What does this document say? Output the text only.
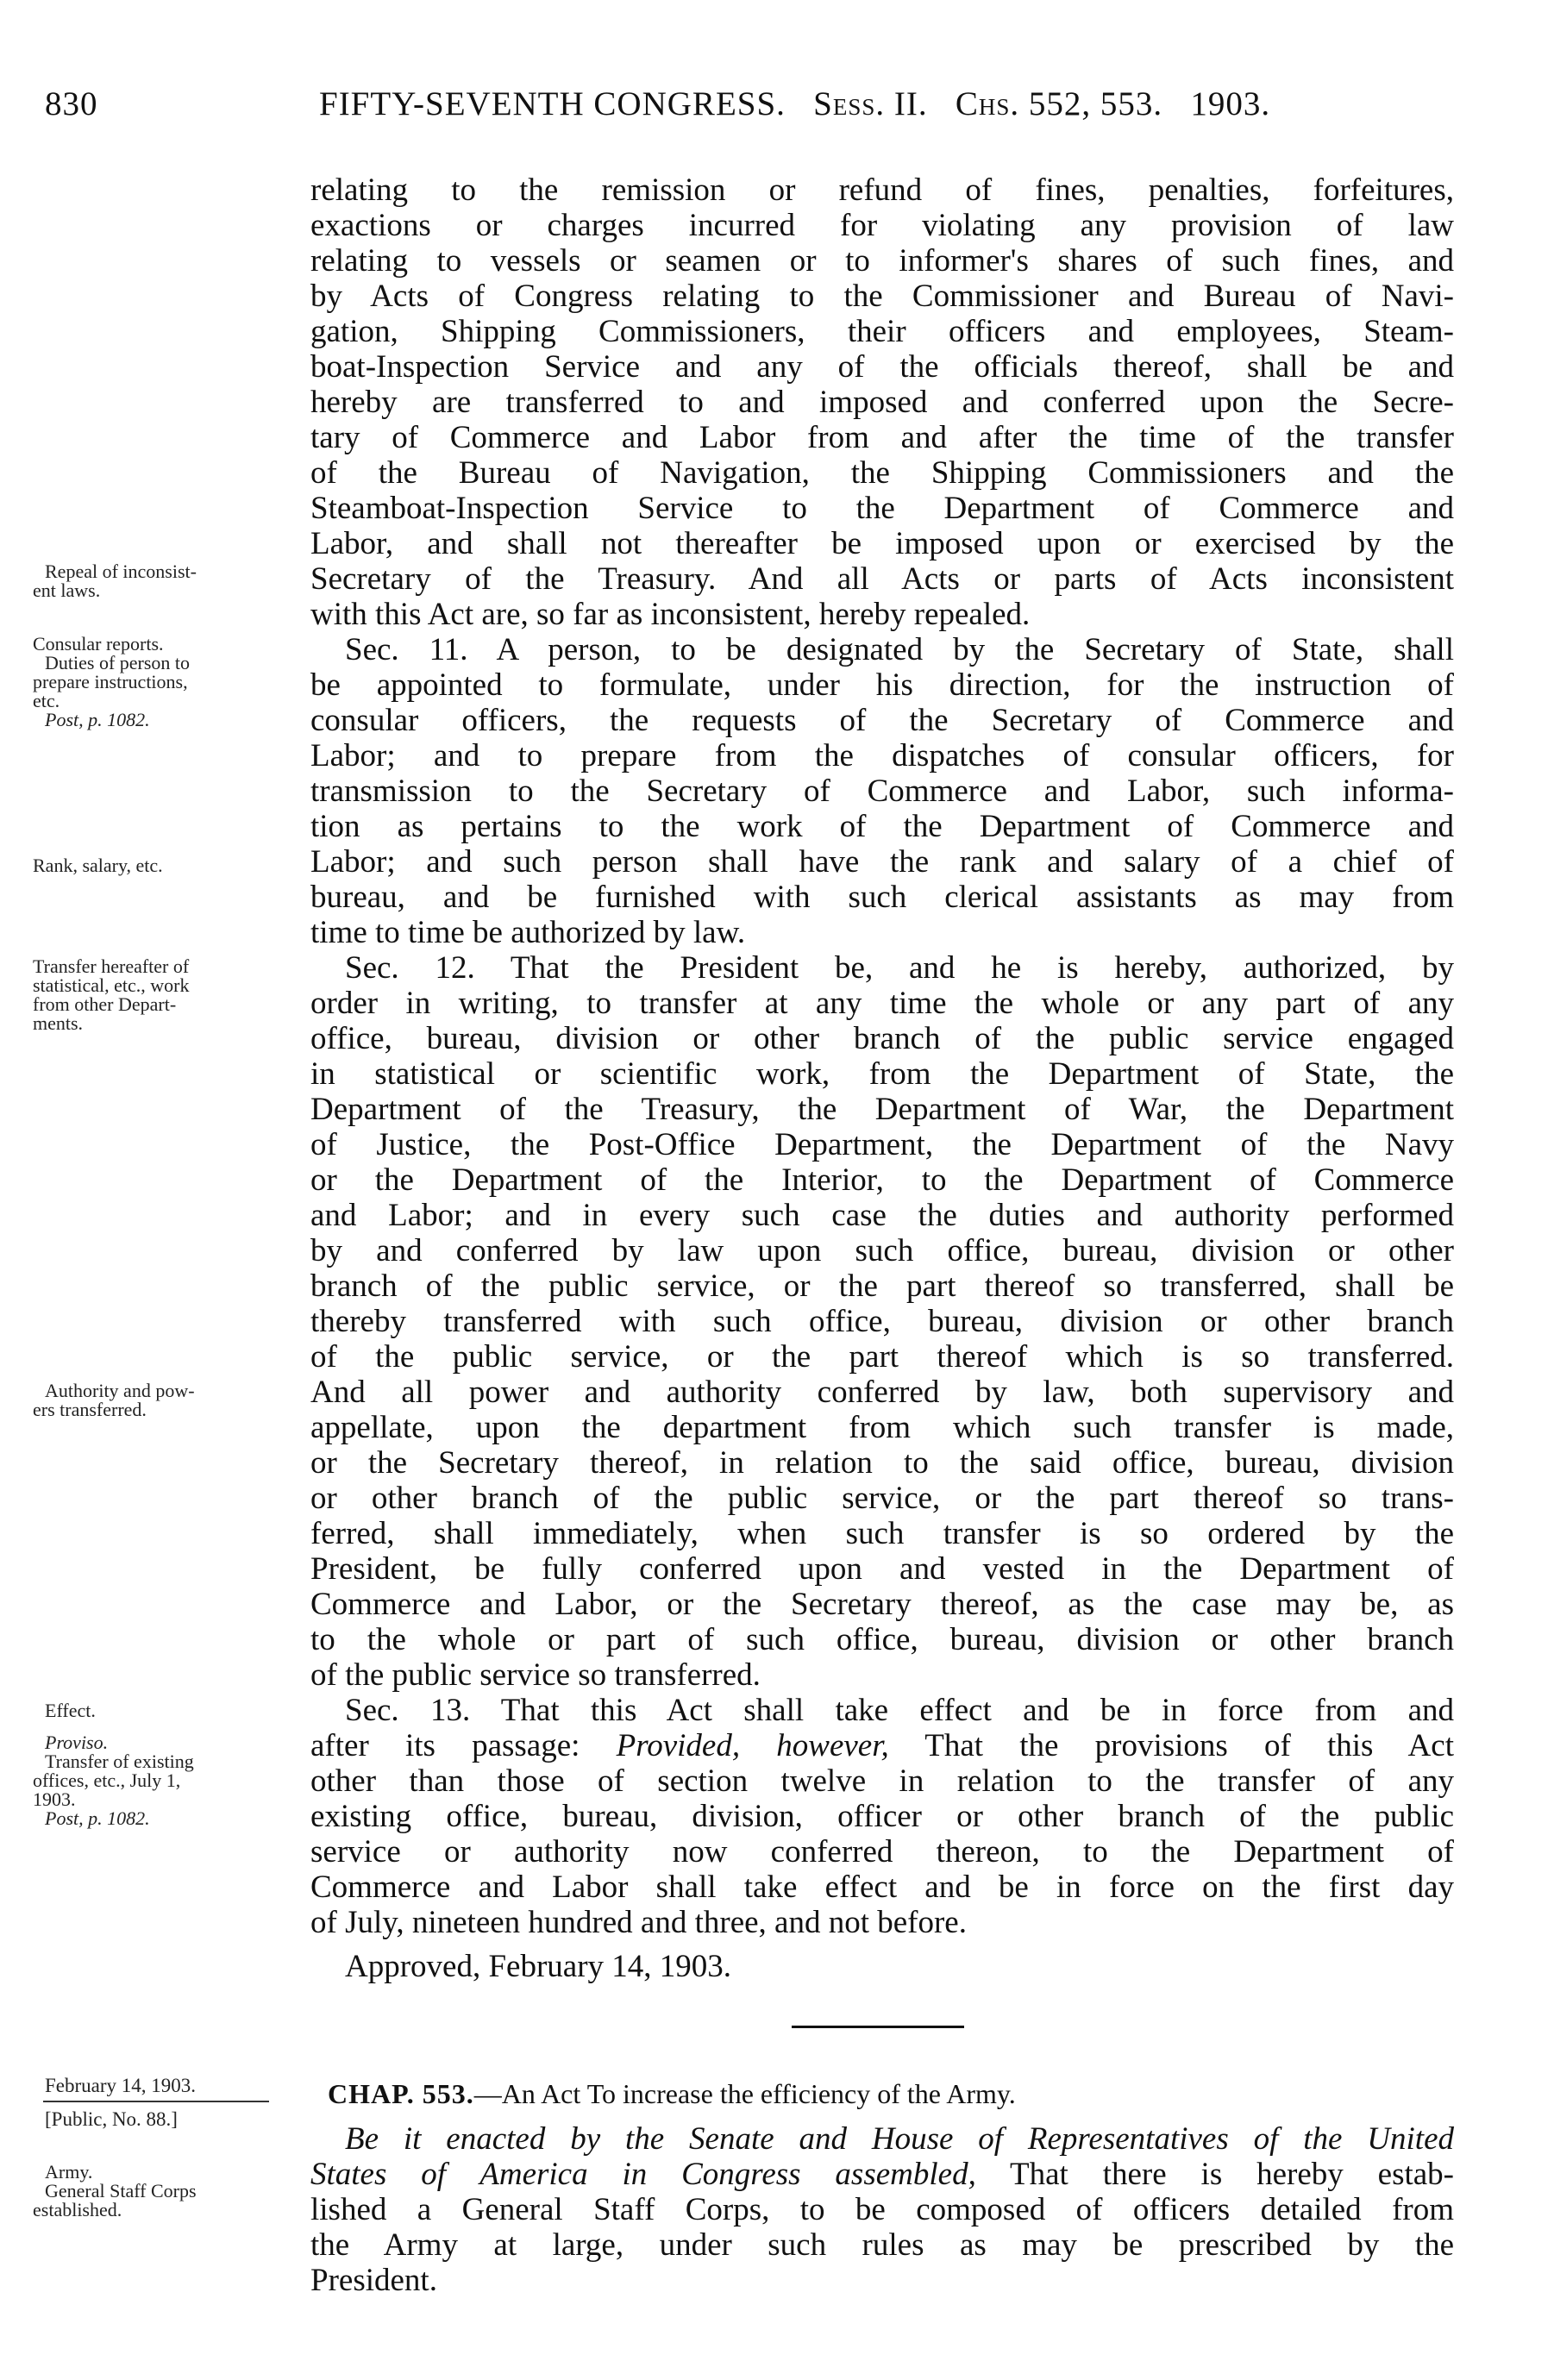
830	FIFTY-SEVENTH CONGRESS. Sess. II. Chs. 552, 553. 1903.

relating to the remission or refund of fines, penalties, forfeitures,

exactions or charges incurred for violating any provision of law

relating to vessels or seamen or to informer's shares of such fines, and

by Acts of Congress relating to the Commissioner and Bureau of Navi-

gation, Shipping Commissioners, their officers and employees, Steam-

boat-Inspection Service and any of the officials thereof, shall be and

hereby are transferred to and imposed and conferred upon the Secre-

tary of Commerce and Labor from and after the time of the transfer

of the Bureau of Navigation, the Shipping Commissioners and the

Steamboat-Inspection Service to the Department of Commerce and

Labor, and shall not thereafter be imposed upon or exercised by the

Secretary of the Treasury. And all Acts or parts of Acts inconsistent

with this Act are, so far as inconsistent, hereby repealed.

Sec. 11. A person, to be designated by the Secretary of State, shall

be appointed to formulate, under his direction, for the instruction of

consular officers, the requests of the Secretary of Commerce and

Labor; and to prepare from the dispatches of consular officers, for

transmission to the Secretary of Commerce and Labor, such informa-

tion as pertains to the work of the Department of Commerce and

Labor; and such person shall have the rank and salary of a chief of

bureau, and be furnished with such clerical assistants as may from

time to time be authorized by law.

Sec. 12. That the President be, and he is hereby, authorized, by

order in writing, to transfer at any time the whole or any part of any

office, bureau, division or other branch of the public service engaged

in statistical or scientific work, from the Department of State, the

Department of the Treasury, the Department of War, the Department

of Justice, the Post-Office Department, the Department of the Navy

or the Department of the Interior, to the Department of Commerce

and Labor; and in every such case the duties and authority performed

by and conferred by law upon such office, bureau, division or other

branch of the public service, or the part thereof so transferred, shall be

thereby transferred with such office, bureau, division or other branch

of the public service, or the part thereof which is so transferred.

And all power and authority conferred by law, both supervisory and

appellate, upon the department from which such transfer is made,

or the Secretary thereof, in relation to the said office, bureau, division

or other branch of the public service, or the part thereof so trans-

ferred, shall immediately, when such transfer is so ordered by the

President, be fully conferred upon and vested in the Department of

Commerce and Labor, or the Secretary thereof, as the case may be, as

to the whole or part of such office, bureau, division or other branch

of the public service so transferred.

Sec. 13. That this Act shall take effect and be in force from and

after its passage: Provided, however, That the provisions of this Act

other than those of section twelve in relation to the transfer of any

existing office, bureau, division, officer or other branch of the public

service or authority now conferred thereon, to the Department of

Commerce and Labor shall take effect and be in force on the first day

of July, nineteen hundred and three, and not before.

Approved, February 14, 1903.

CHAP. 553.—An Act To increase the efficiency of the Army.

Be it enacted by the Senate and House of Representatives of the United

States of America in Congress assembled, That there is hereby estab-

lished a General Staff Corps, to be composed of officers detailed from

the Army at large, under such rules as may be prescribed by the

President.

Repeal of inconsist-
ent laws.
Consular reports.
Duties of person to
prepare instructions,
etc.
Post, p. 1082.
Rank, salary, etc.
Transfer hereafter of
statistical, etc., work
from other Depart-
ments.
Authority and pow-
ers transferred.
Effect.
Proviso.
Transfer of existing
offices, etc., July 1,
1903.
Post, p. 1082.
February 14, 1903.
[Public, No. 88.]
Army.
General Staff Corps
established.
